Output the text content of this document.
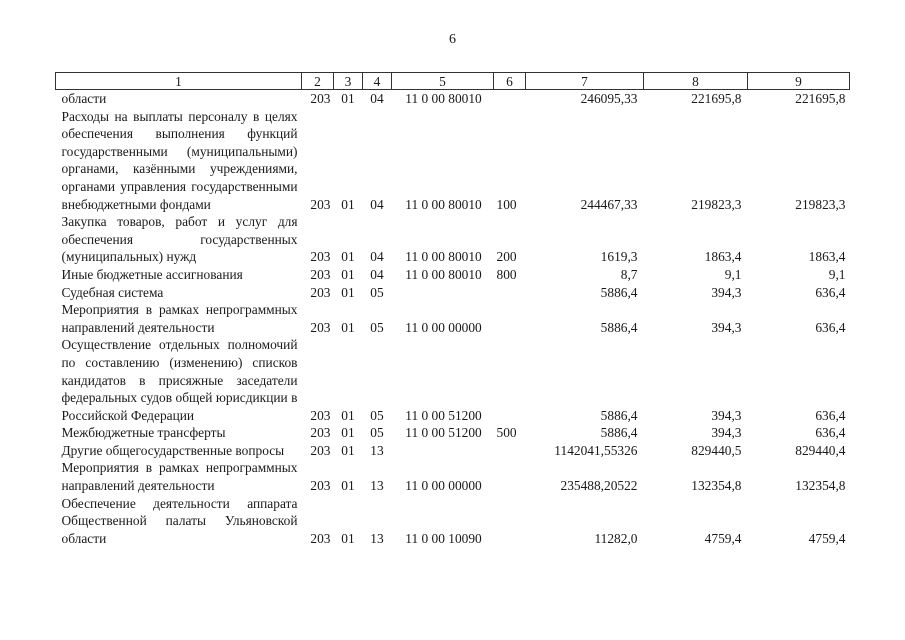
6
1	2	3	4	5	6	7	8	9
области	203	01	04	11 0 00 80010		246095,33	221695,8	221695,8
Расходы на выплаты персоналу в целях обеспечения выполнения функций государственными (муниципальными) органами, казёнными учреждениями, органами управления государственными внебюджетными фондами	203	01	04	11 0 00 80010	100	244467,33	219823,3	219823,3
Закупка товаров, работ и услуг для обеспечения государственных (муниципальных) нужд	203	01	04	11 0 00 80010	200	1619,3	1863,4	1863,4
Иные бюджетные ассигнования	203	01	04	11 0 00 80010	800	8,7	9,1	9,1
Судебная система	203	01	05			5886,4	394,3	636,4
Мероприятия в рамках непрограммных направлений деятельности	203	01	05	11 0 00 00000		5886,4	394,3	636,4
Осуществление отдельных полномочий по составлению (изменению) списков кандидатов в присяжные заседатели федеральных судов общей юрисдикции в Российской Федерации	203	01	05	11 0 00 51200		5886,4	394,3	636,4
Межбюджетные трансферты	203	01	05	11 0 00 51200	500	5886,4	394,3	636,4
Другие общегосударственные вопросы	203	01	13			1142041,55326	829440,5	829440,4
Мероприятия в рамках непрограммных направлений деятельности	203	01	13	11 0 00 00000		235488,20522	132354,8	132354,8
Обеспечение деятельности аппарата Общественной палаты Ульяновской области	203	01	13	11 0 00 10090		11282,0	4759,4	4759,4
